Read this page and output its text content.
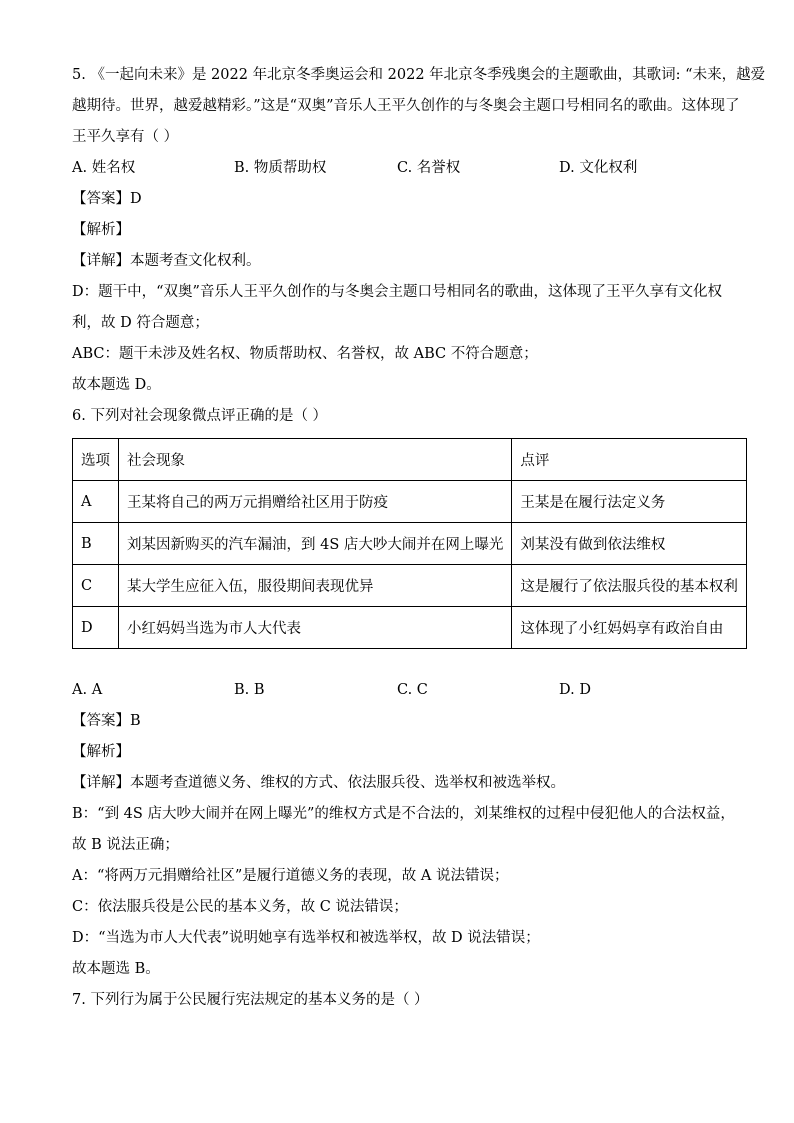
5. 《一起向未来》是 2022 年北京冬季奥运会和 2022 年北京冬季残奥会的主题歌曲，其歌词: “未来，越爱
越期待。世界，越爱越精彩。”这是“双奥”音乐人王平久创作的与冬奥会主题口号相同名的歌曲。这体现了
王平久享有（ ）
A. 姓名权	B. 物质帮助权	C. 名誉权	D. 文化权利
【答案】D
【解析】
【详解】本题考查文化权利。
D：题干中，“双奥”音乐人王平久创作的与冬奥会主题口号相同名的歌曲，这体现了王平久享有文化权
利，故 D 符合题意；
ABC：题干未涉及姓名权、物质帮助权、名誉权，故 ABC 不符合题意；
故本题选 D。
6. 下列对社会现象微点评正确的是（ ）
选项	社会现象	点评
A	王某将自己的两万元捐赠给社区用于防疫	王某是在履行法定义务
B	刘某因新购买的汽车漏油，到 4S 店大吵大闹并在网上曝光	刘某没有做到依法维权
C	某大学生应征入伍，服役期间表现优异	这是履行了依法服兵役的基本权利
D	小红妈妈当选为市人大代表	这体现了小红妈妈享有政治自由
A. A	B. B	C. C	D. D
【答案】B
【解析】
【详解】本题考查道德义务、维权的方式、依法服兵役、选举权和被选举权。
B：“到 4S 店大吵大闹并在网上曝光”的维权方式是不合法的，刘某维权的过程中侵犯他人的合法权益，
故 B 说法正确；
A：“将两万元捐赠给社区”是履行道德义务的表现，故 A 说法错误；
C：依法服兵役是公民的基本义务，故 C 说法错误；
D：“当选为市人大代表”说明她享有选举权和被选举权，故 D 说法错误；
故本题选 B。
7. 下列行为属于公民履行宪法规定的基本义务的是（ ）
